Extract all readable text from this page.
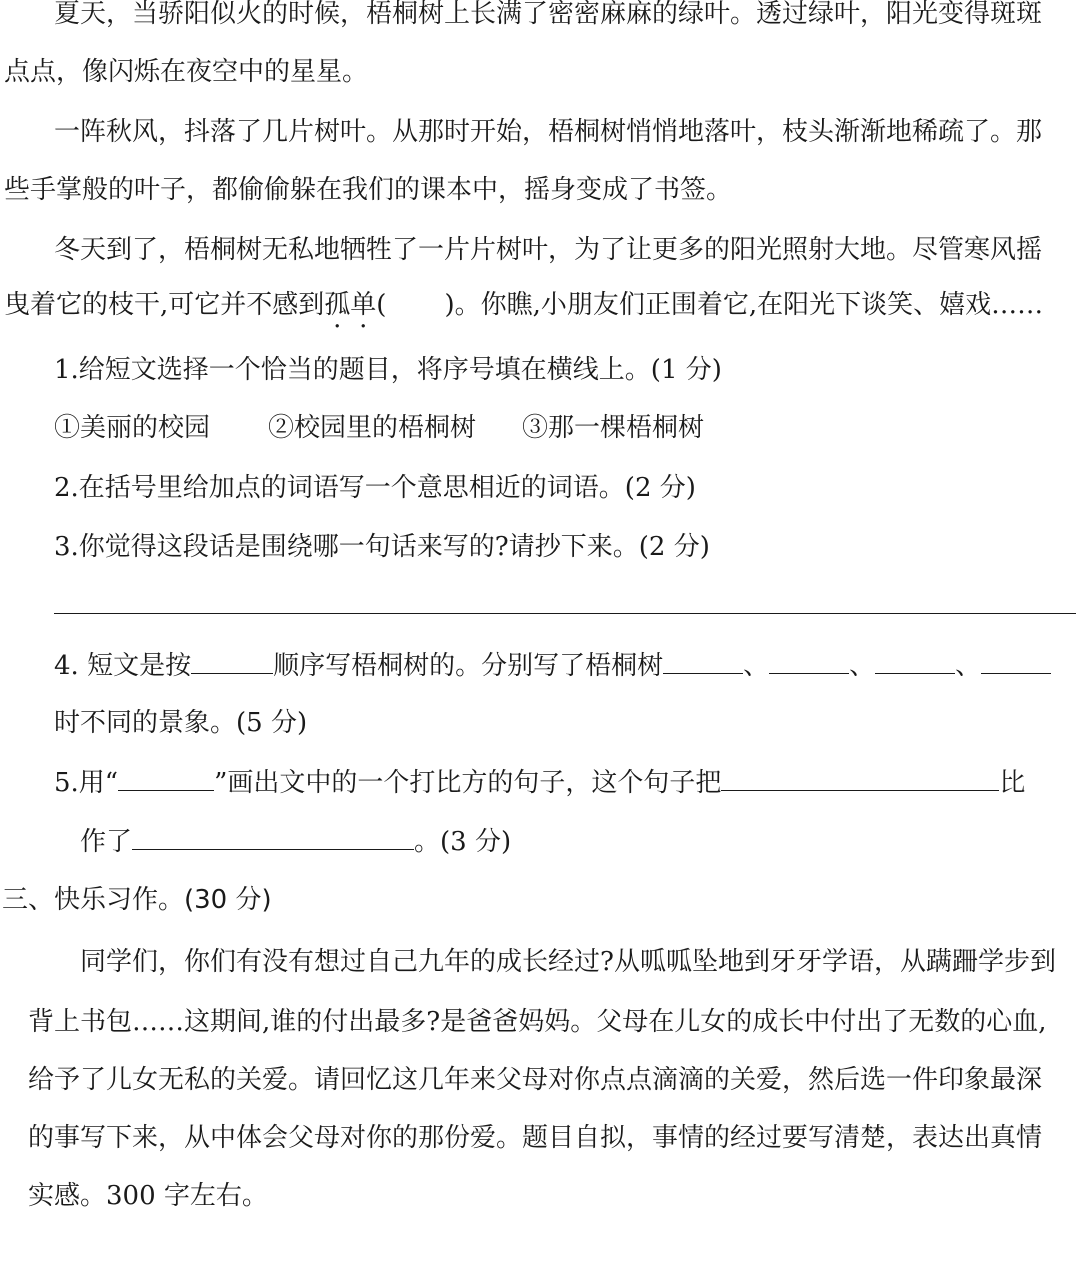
夏天，当骄阳似火的时候，梧桐树上长满了密密麻麻的绿叶。透过绿叶，阳光变得斑斑
点点，像闪烁在夜空中的星星。
一阵秋风，抖落了几片树叶。从那时开始，梧桐树悄悄地落叶，枝头渐渐地稀疏了。那
些手掌般的叶子，都偷偷躲在我们的课本中，摇身变成了书签。
冬天到了，梧桐树无私地牺牲了一片片树叶，为了让更多的阳光照射大地。尽管寒风摇
曳着它的枝干,可它并不感到孤单( )。你瞧,小朋友们正围着它,在阳光下谈笑、嬉戏……
1.给短文选择一个恰当的题目，将序号填在横线上。(1 分)
①美丽的校园 ②校园里的梧桐树 ③那一棵梧桐树
2.在括号里给加点的词语写一个意思相近的词语。(2 分)
3.你觉得这段话是围绕哪一句话来写的?请抄下来。(2 分)
4. 短文是按	顺序写梧桐树的。分别写了梧桐树	、	、	、
时不同的景象。(5 分)
5.用“	”画出文中的一个打比方的句子，这个句子把	比
作了	。(3 分)
三、快乐习作。(30 分)
同学们，你们有没有想过自己九年的成长经过?从呱呱坠地到牙牙学语，从蹒跚学步到
背上书包……这期间,谁的付出最多?是爸爸妈妈。父母在儿女的成长中付出了无数的心血,
给予了儿女无私的关爱。请回忆这几年来父母对你点点滴滴的关爱，然后选一件印象最深
的事写下来，从中体会父母对你的那份爱。题目自拟，事情的经过要写清楚，表达出真情
实感。300 字左右。
